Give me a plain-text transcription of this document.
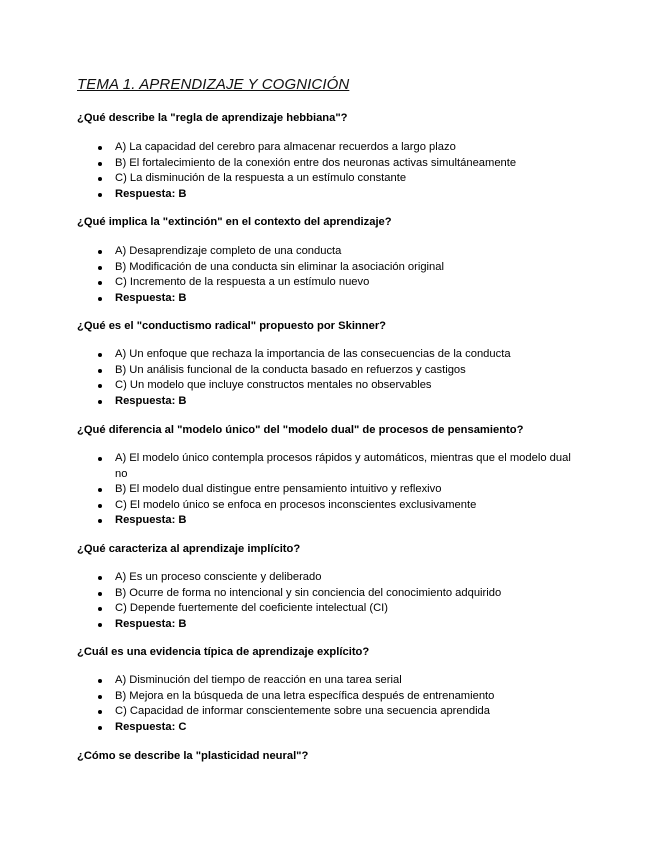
TEMA 1. APRENDIZAJE Y COGNICIÓN

¿Qué describe la "regla de aprendizaje hebbiana"?

A) La capacidad del cerebro para almacenar recuerdos a largo plazo
B) El fortalecimiento de la conexión entre dos neuronas activas simultáneamente
C) La disminución de la respuesta a un estímulo constante
Respuesta: B

¿Qué implica la "extinción" en el contexto del aprendizaje?

A) Desaprendizaje completo de una conducta
B) Modificación de una conducta sin eliminar la asociación original
C) Incremento de la respuesta a un estímulo nuevo
Respuesta: B

¿Qué es el "conductismo radical" propuesto por Skinner?

A) Un enfoque que rechaza la importancia de las consecuencias de la conducta
B) Un análisis funcional de la conducta basado en refuerzos y castigos
C) Un modelo que incluye constructos mentales no observables
Respuesta: B

¿Qué diferencia al "modelo único" del "modelo dual" de procesos de pensamiento?

A) El modelo único contempla procesos rápidos y automáticos, mientras que el modelo dual no
B) El modelo dual distingue entre pensamiento intuitivo y reflexivo
C) El modelo único se enfoca en procesos inconscientes exclusivamente
Respuesta: B

¿Qué caracteriza al aprendizaje implícito?

A) Es un proceso consciente y deliberado
B) Ocurre de forma no intencional y sin conciencia del conocimiento adquirido
C) Depende fuertemente del coeficiente intelectual (CI)
Respuesta: B

¿Cuál es una evidencia típica de aprendizaje explícito?

A) Disminución del tiempo de reacción en una tarea serial
B) Mejora en la búsqueda de una letra específica después de entrenamiento
C) Capacidad de informar conscientemente sobre una secuencia aprendida
Respuesta: C

¿Cómo se describe la "plasticidad neural"?
